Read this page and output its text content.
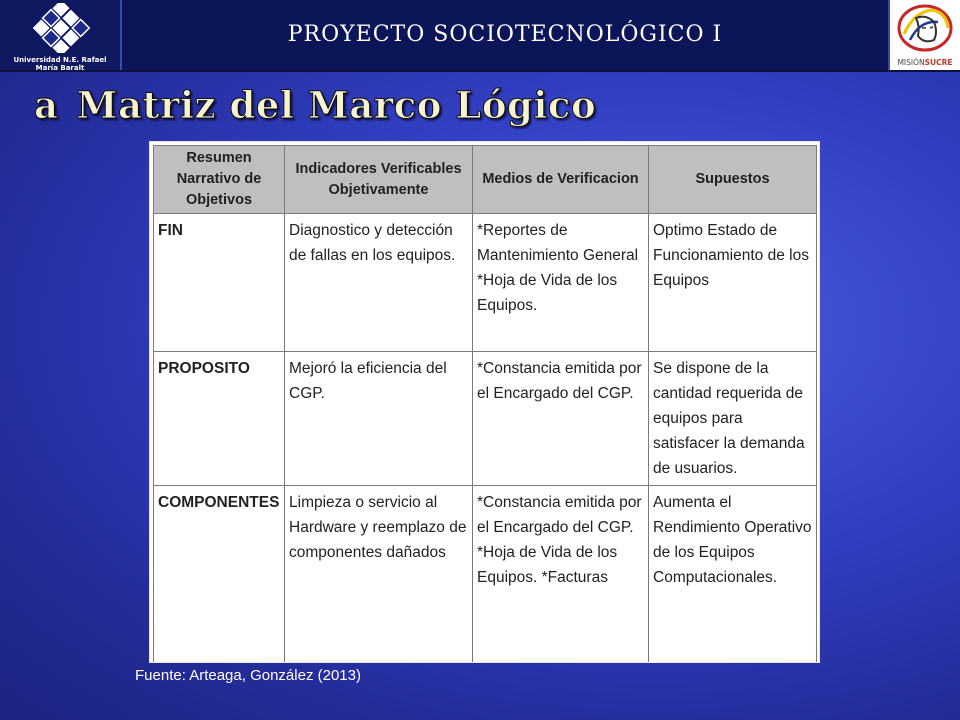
Universidad N.E. Rafael María Baralt
PROYECTO SOCIOTECNOLÓGICO I
MISIÓNSUCRE
a Matriz del Marco Lógico
Resumen Narrativo de Objetivos	Indicadores Verificables Objetivamente	Medios de Verificacion	Supuestos
FIN	Diagnostico y detección de fallas en los equipos.	*Reportes de Mantenimiento General *Hoja de Vida de los Equipos.	Optimo Estado de Funcionamiento de los Equipos
PROPOSITO	Mejoró la eficiencia del CGP.	*Constancia emitida por el Encargado del CGP.	Se dispone de la cantidad requerida de equipos para satisfacer la demanda de usuarios.
COMPONENTES	Limpieza o servicio al Hardware y reemplazo de componentes dañados	*Constancia emitida por el Encargado del CGP. *Hoja de Vida de los Equipos. *Facturas	Aumenta el Rendimiento Operativo de los Equipos Computacionales.
Fuente: Arteaga, González (2013)
